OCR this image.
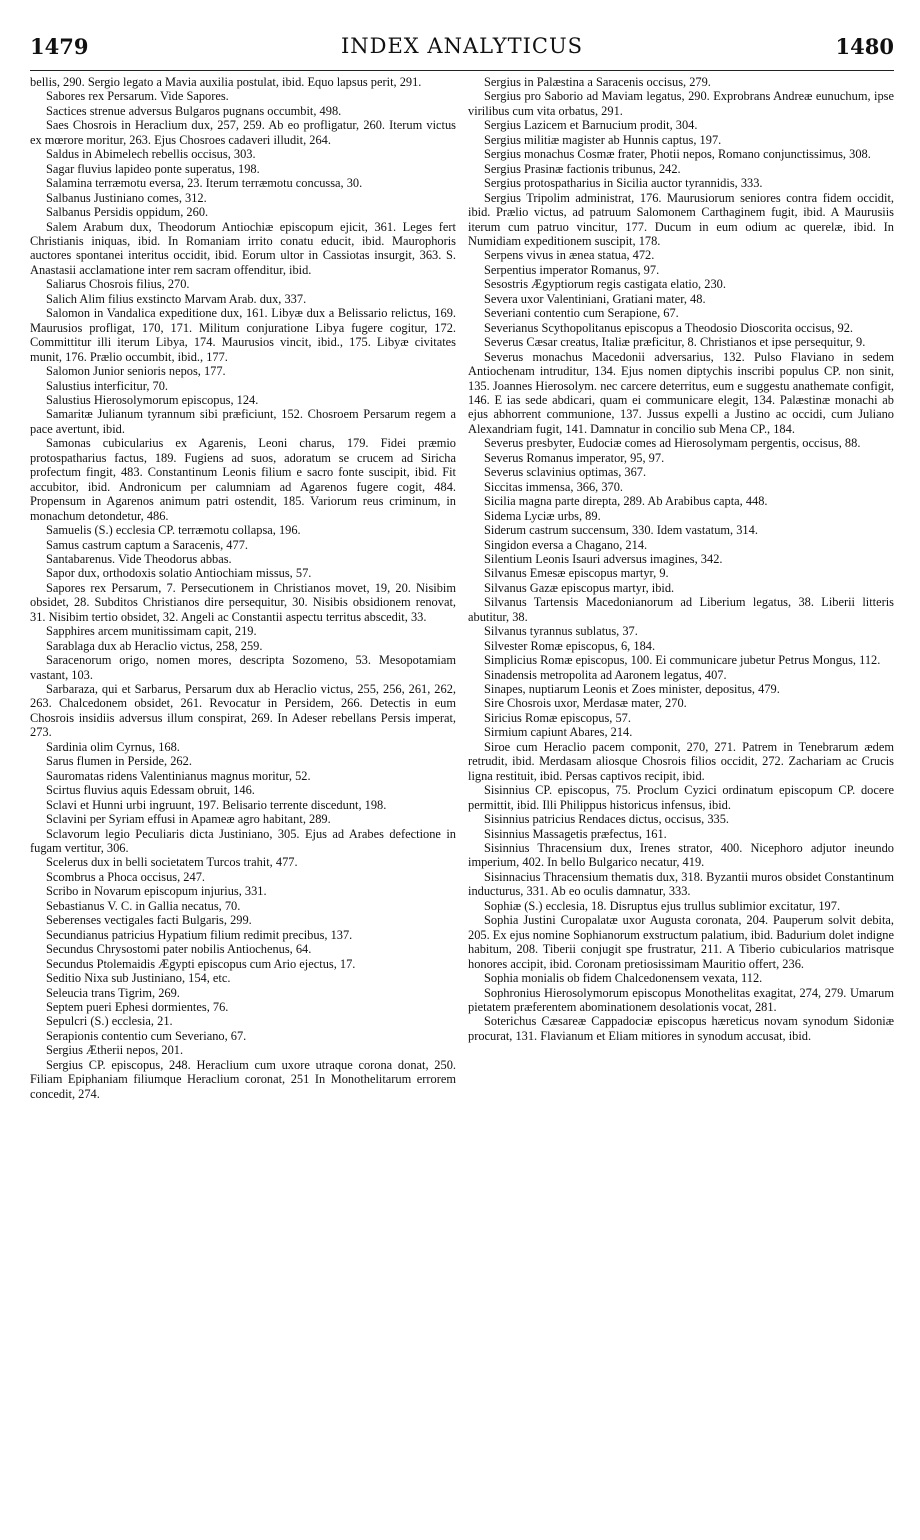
1479	INDEX ANALYTICUS	1480

bellis, 290. Sergio legato a Mavia auxilia postulat, ibid. Equo lapsus perit, 291.

Sabores rex Persarum. Vide Sapores.

Sactices strenue adversus Bulgaros pugnans occumbit, 498.

Saes Chosrois in Heraclium dux, 257, 259. Ab eo profligatur, 260. Iterum victus ex mœrore moritur, 263. Ejus Chosroes cadaveri illudit, 264.

Saldus in Abimelech rebellis occisus, 303.

Sagar fluvius lapideo ponte superatus, 198.

Salamina terræmotu eversa, 23. Iterum terræmotu concussa, 30.

Salbanus Justiniano comes, 312.

Salbanus Persidis oppidum, 260.

Salem Arabum dux, Theodorum Antiochiæ episcopum ejicit, 361. Leges fert Christianis iniquas, ibid. In Romaniam irrito conatu educit, ibid. Maurophoris auctores spontanei interitus occidit, ibid. Eorum ultor in Cassiotas insurgit, 363. S. Anastasii acclamatione inter rem sacram offenditur, ibid.

Saliarus Chosrois filius, 270.

Salich Alim filius exstincto Marvam Arab. dux, 337.

Salomon in Vandalica expeditione dux, 161. Libyæ dux a Belissario relictus, 169. Maurusios profligat, 170, 171. Militum conjuratione Libya fugere cogitur, 172. Committitur illi iterum Libya, 174. Maurusios vincit, ibid., 175. Libyæ civitates munit, 176. Prælio occumbit, ibid., 177.

Salomon Junior senioris nepos, 177.

Salustius interficitur, 70.

Salustius Hierosolymorum episcopus, 124.

Samaritæ Julianum tyrannum sibi præficiunt, 152. Chosroem Persarum regem a pace avertunt, ibid.

Samonas cubicularius ex Agarenis, Leoni charus, 179. Fidei præmio protospatharius factus, 189. Fugiens ad suos, adoratum se crucem ad Siricha profectum fingit, 483. Constantinum Leonis filium e sacro fonte suscipit, ibid. Fit accubitor, ibid. Andronicum per calumniam ad Agarenos fugere cogit, 484. Propensum in Agarenos animum patri ostendit, 185. Variorum reus criminum, in monachum detondetur, 486.

Samuelis (S.) ecclesia CP. terræmotu collapsa, 196.

Samus castrum captum a Saracenis, 477.

Santabarenus. Vide Theodorus abbas.

Sapor dux, orthodoxis solatio Antiochiam missus, 57.

Sapores rex Persarum, 7. Persecutionem in Christianos movet, 19, 20. Nisibim obsidet, 28. Subditos Christianos dire persequitur, 30. Nisibis obsidionem renovat, 31. Nisibim tertio obsidet, 32. Angeli ac Constantii aspectu territus abscedit, 33.

Sapphires arcem munitissimam capit, 219.

Sarablaga dux ab Heraclio victus, 258, 259.

Saracenorum origo, nomen mores, descripta Sozomeno, 53. Mesopotamiam vastant, 103.

Sarbaraza, qui et Sarbarus, Persarum dux ab Heraclio victus, 255, 256, 261, 262, 263. Chalcedonem obsidet, 261. Revocatur in Persidem, 266. Detectis in eum Chosrois insidiis adversus illum conspirat, 269. In Adeser rebellans Persis imperat, 273.

Sardinia olim Cyrnus, 168.

Sarus flumen in Perside, 262.

Sauromatas ridens Valentinianus magnus moritur, 52.

Scirtus fluvius aquis Edessam obruit, 146.

Sclavi et Hunni urbi ingruunt, 197. Belisario terrente discedunt, 198.

Sclavini per Syriam effusi in Apameæ agro habitant, 289.

Sclavorum legio Peculiaris dicta Justiniano, 305. Ejus ad Arabes defectione in fugam vertitur, 306.

Scelerus dux in belli societatem Turcos trahit, 477.

Scombrus a Phoca occisus, 247.

Scribo in Novarum episcopum injurius, 331.

Sebastianus V. C. in Gallia necatus, 70.

Seberenses vectigales facti Bulgaris, 299.

Secundianus patricius Hypatium filium redimit precibus, 137.

Secundus Chrysostomi pater nobilis Antiochenus, 64.

Secundus Ptolemaidis Ægypti episcopus cum Ario ejectus, 17.

Seditio Nixa sub Justiniano, 154, etc.

Seleucia trans Tigrim, 269.

Septem pueri Ephesi dormientes, 76.

Sepulcri (S.) ecclesia, 21.

Serapionis contentio cum Severiano, 67.

Sergius Ætherii nepos, 201.

Sergius CP. episcopus, 248. Heraclium cum uxore utraque corona donat, 250. Filiam Epiphaniam filiumque Heraclium coronat, 251 In Monothelitarum errorem concedit, 274.

Sergius in Palæstina a Saracenis occisus, 279.

Sergius pro Saborio ad Maviam legatus, 290. Exprobrans Andreæ eunuchum, ipse virilibus cum vita orbatus, 291.

Sergius Lazicem et Barnucium prodit, 304.

Sergius militiæ magister ab Hunnis captus, 197.

Sergius monachus Cosmæ frater, Photii nepos, Romano conjunctissimus, 308.

Sergius Prasinæ factionis tribunus, 242.

Sergius protospatharius in Sicilia auctor tyrannidis, 333.

Sergius Tripolim administrat, 176. Maurusiorum seniores contra fidem occidit, ibid. Prælio victus, ad patruum Salomonem Carthaginem fugit, ibid. A Maurusiis iterum cum patruo vincitur, 177. Ducum in eum odium ac querelæ, ibid. In Numidiam expeditionem suscipit, 178.

Serpens vivus in ænea statua, 472.

Serpentius imperator Romanus, 97.

Sesostris Ægyptiorum regis castigata elatio, 230.

Severa uxor Valentiniani, Gratiani mater, 48.

Severiani contentio cum Serapione, 67.

Severianus Scythopolitanus episcopus a Theodosio Dioscorita occisus, 92.

Severus Cæsar creatus, Italiæ præficitur, 8. Christianos et ipse persequitur, 9.

Severus monachus Macedonii adversarius, 132. Pulso Flaviano in sedem Antiochenam intruditur, 134. Ejus nomen diptychis inscribi populus CP. non sinit, 135. Joannes Hierosolym. nec carcere deterritus, eum e suggestu anathemate configit, 146. E ias sede abdicari, quam ei communicare elegit, 134. Palæstinæ monachi ab ejus abhorrent communione, 137. Jussus expelli a Justino ac occidi, cum Juliano Alexandriam fugit, 141. Damnatur in concilio sub Mena CP., 184.

Severus presbyter, Eudociæ comes ad Hierosolymam pergentis, occisus, 88.

Severus Romanus imperator, 95, 97.

Severus sclavinius optimas, 367.

Siccitas immensa, 366, 370.

Sicilia magna parte direpta, 289. Ab Arabibus capta, 448.

Sidema Lyciæ urbs, 89.

Siderum castrum succensum, 330. Idem vastatum, 314.

Singidon eversa a Chagano, 214.

Silentium Leonis Isauri adversus imagines, 342.

Silvanus Emesæ episcopus martyr, 9.

Silvanus Gazæ episcopus martyr, ibid.

Silvanus Tartensis Macedonianorum ad Liberium legatus, 38. Liberii litteris abutitur, 38.

Silvanus tyrannus sublatus, 37.

Silvester Romæ episcopus, 6, 184.

Simplicius Romæ episcopus, 100. Ei communicare jubetur Petrus Mongus, 112.

Sinadensis metropolita ad Aaronem legatus, 407.

Sinapes, nuptiarum Leonis et Zoes minister, depositus, 479.

Sire Chosrois uxor, Merdasæ mater, 270.

Siricius Romæ episcopus, 57.

Sirmium capiunt Abares, 214.

Siroe cum Heraclio pacem componit, 270, 271. Patrem in Tenebrarum ædem retrudit, ibid. Merdasam aliosque Chosrois filios occidit, 272. Zachariam ac Crucis ligna restituit, ibid. Persas captivos recipit, ibid.

Sisinnius CP. episcopus, 75. Proclum Cyzici ordinatum episcopum CP. docere permittit, ibid. Illi Philippus historicus infensus, ibid.

Sisinnius patricius Rendaces dictus, occisus, 335.

Sisinnius Massagetis præfectus, 161.

Sisinnius Thracensium dux, Irenes strator, 400. Nicephoro adjutor ineundo imperium, 402. In bello Bulgarico necatur, 419.

Sisinnacius Thracensium thematis dux, 318. Byzantii muros obsidet Constantinum inducturus, 331. Ab eo oculis damnatur, 333.

Sophiæ (S.) ecclesia, 18. Disruptus ejus trullus sublimior excitatur, 197.

Sophia Justini Curopalatæ uxor Augusta coronata, 204. Pauperum solvit debita, 205. Ex ejus nomine Sophianorum exstructum palatium, ibid. Badurium dolet indigne habitum, 208. Tiberii conjugit spe frustratur, 211. A Tiberio cubicularios matrisque honores accipit, ibid. Coronam pretiosissimam Mauritio offert, 236.

Sophia monialis ob fidem Chalcedonensem vexata, 112.

Sophronius Hierosolymorum episcopus Monothelitas exagitat, 274, 279. Umarum pietatem præferentem abominationem desolationis vocat, 281.

Soterichus Cæsareæ Cappadociæ episcopus hæreticus novam synodum Sidoniæ procurat, 131. Flavianum et Eliam mitiores in synodum accusat, ibid.
